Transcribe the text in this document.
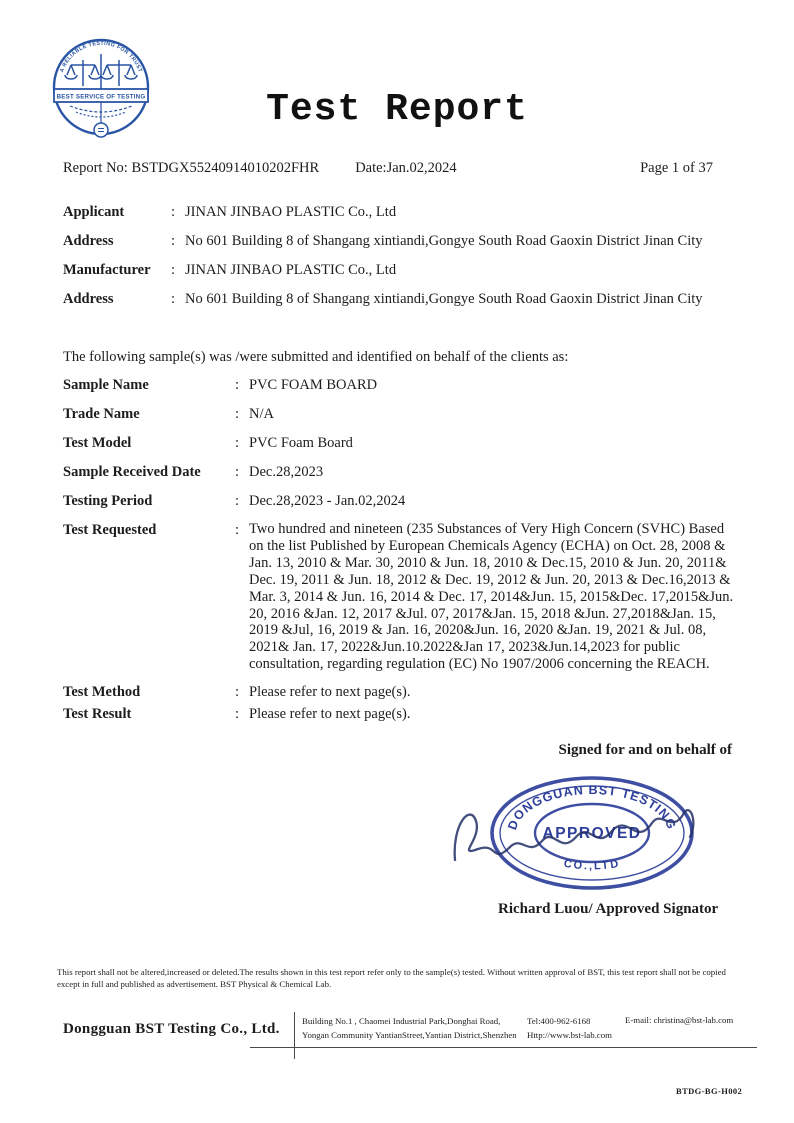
A RELIABLE TESTING FOR TRUST
BEST SERVICE OF TESTING	Test Report
Report No: BSTDGX55240914010202FHR Date:Jan.02,2024	Page 1 of 37
Applicant	: JINAN JINBAO PLASTIC Co., Ltd
Address	: No 601 Building 8 of Shangang xintiandi,Gongye South Road Gaoxin District Jinan City
Manufacturer	: JINAN JINBAO PLASTIC Co., Ltd
Address	: No 601 Building 8 of Shangang xintiandi,Gongye South Road Gaoxin District Jinan City
The following sample(s) was /were submitted and identified on behalf of the clients as:
Sample Name	: PVC FOAM BOARD
Trade Name	: N/A
Test Model	: PVC Foam Board
Sample Received Date	: Dec.28,2023
Testing Period	: Dec.28,2023 - Jan.02,2024
Test Requested	: Two hundred and nineteen (235 Substances of Very High Concern (SVHC) Based on the list Published by European Chemicals Agency (ECHA) on Oct. 28, 2008 & Jan. 13, 2010 & Mar. 30, 2010 & Jun. 18, 2010 & Dec.15, 2010 & Jun. 20, 2011& Dec. 19, 2011 & Jun. 18, 2012 & Dec. 19, 2012 & Jun. 20, 2013 & Dec.16,2013 & Mar. 3, 2014 & Jun. 16, 2014 & Dec. 17, 2014&Jun. 15, 2015&Dec. 17,2015&Jun. 20, 2016 &Jan. 12, 2017 &Jul. 07, 2017&Jan. 15, 2018 &Jun. 27,2018&Jan. 15, 2019 &Jul, 16, 2019 & Jan. 16, 2020&Jun. 16, 2020 &Jan. 19, 2021 & Jul. 08, 2021& Jan. 17, 2022&Jun.10.2022&Jan 17, 2023&Jun.14,2023 for public consultation, regarding regulation (EC) No 1907/2006 concerning the REACH.
Test Method	: Please refer to next page(s).
Test Result	: Please refer to next page(s).
Signed for and on behalf of
DONGGUAN BST TESTING
CO.,LTD
APPROVED
Richard Luou/ Approved Signator
This report shall not be altered,increased or deleted.The results shown in this test report refer only to the sample(s) tested. Without written approval of BST, this test report shall not be copied except in full and published as advertisement. BST Physical & Chemical Lab.
Dongguan BST Testing Co., Ltd.	Building No.1 , Chaomei Industrial Park,Donghai Road,
Yongan Community YantianStreet,Yantian District,Shenzhen
Tel:400-962-6168
Http://www.bst-lab.com
E-mail: christina@bst-lab.com
BTDG-BG-H002
